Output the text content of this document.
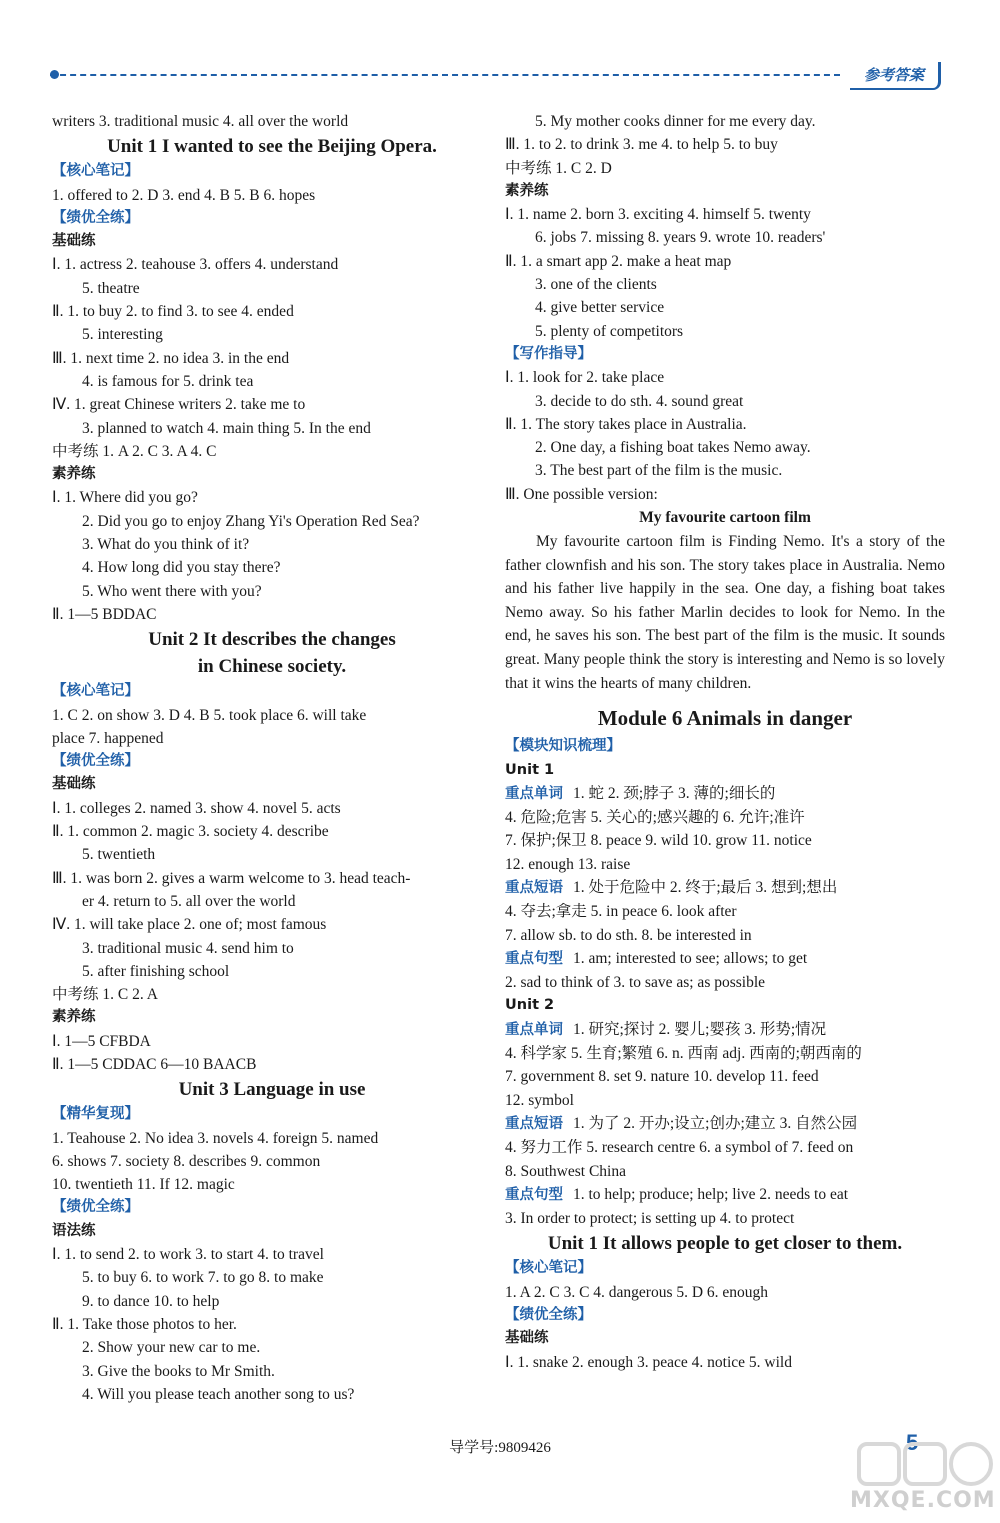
参考答案
writers 3. traditional music 4. all over the world
Unit 1 I wanted to see the Beijing Opera.
【核心笔记】
1. offered to 2. D 3. end 4. B 5. B 6. hopes
【绩优全练】
基础练
Ⅰ. 1. actress 2. teahouse 3. offers 4. understand
5. theatre
Ⅱ. 1. to buy 2. to find 3. to see 4. ended
5. interesting
Ⅲ. 1. next time 2. no idea 3. in the end
4. is famous for 5. drink tea
Ⅳ. 1. great Chinese writers 2. take me to
3. planned to watch 4. main thing 5. In the end
中考练 1. A 2. C 3. A 4. C
素养练
Ⅰ. 1. Where did you go?
2. Did you go to enjoy Zhang Yi's Operation Red Sea?
3. What do you think of it?
4. How long did you stay there?
5. Who went there with you?
Ⅱ. 1—5 BDDAC
Unit 2 It describes the changes
in Chinese society.
【核心笔记】
1. C 2. on show 3. D 4. B 5. took place 6. will take
place 7. happened
【绩优全练】
基础练
Ⅰ. 1. colleges 2. named 3. show 4. novel 5. acts
Ⅱ. 1. common 2. magic 3. society 4. describe
5. twentieth
Ⅲ. 1. was born 2. gives a warm welcome to 3. head teach-
er 4. return to 5. all over the world
Ⅳ. 1. will take place 2. one of; most famous
3. traditional music 4. send him to
5. after finishing school
中考练 1. C 2. A
素养练
Ⅰ. 1—5 CFBDA
Ⅱ. 1—5 CDDAC 6—10 BAACB
Unit 3 Language in use
【精华复现】
1. Teahouse 2. No idea 3. novels 4. foreign 5. named
6. shows 7. society 8. describes 9. common
10. twentieth 11. If 12. magic
【绩优全练】
语法练
Ⅰ. 1. to send 2. to work 3. to start 4. to travel
5. to buy 6. to work 7. to go 8. to make
9. to dance 10. to help
Ⅱ. 1. Take those photos to her.
2. Show your new car to me.
3. Give the books to Mr Smith.
4. Will you please teach another song to us?
5. My mother cooks dinner for me every day.
Ⅲ. 1. to 2. to drink 3. me 4. to help 5. to buy
中考练 1. C 2. D
素养练
Ⅰ. 1. name 2. born 3. exciting 4. himself 5. twenty
6. jobs 7. missing 8. years 9. wrote 10. readers'
Ⅱ. 1. a smart app 2. make a heat map
3. one of the clients
4. give better service
5. plenty of competitors
【写作指导】
Ⅰ. 1. look for 2. take place
3. decide to do sth. 4. sound great
Ⅱ. 1. The story takes place in Australia.
2. One day, a fishing boat takes Nemo away.
3. The best part of the film is the music.
Ⅲ. One possible version:
My favourite cartoon film
My favourite cartoon film is Finding Nemo. It's a story of the father clownfish and his son. The story takes place in Australia. Nemo and his father live happily in the sea. One day, a fishing boat takes Nemo away. So his father Marlin decides to look for Nemo. In the end, he saves his son. The best part of the film is the music. It sounds great. Many people think the story is interesting and Nemo is so lovely that it wins the hearts of many children.
Module 6 Animals in danger
【模块知识梳理】
Unit 1
重点单词 1. 蛇 2. 颈;脖子 3. 薄的;细长的
4. 危险;危害 5. 关心的;感兴趣的 6. 允许;准许
7. 保护;保卫 8. peace 9. wild 10. grow 11. notice
12. enough 13. raise
重点短语 1. 处于危险中 2. 终于;最后 3. 想到;想出
4. 夺去;拿走 5. in peace 6. look after
7. allow sb. to do sth. 8. be interested in
重点句型 1. am; interested to see; allows; to get
2. sad to think of 3. to save as; as possible
Unit 2
重点单词 1. 研究;探讨 2. 婴儿;婴孩 3. 形势;情况
4. 科学家 5. 生育;繁殖 6. n. 西南 adj. 西南的;朝西南的
7. government 8. set 9. nature 10. develop 11. feed
12. symbol
重点短语 1. 为了 2. 开办;设立;创办;建立 3. 自然公园
4. 努力工作 5. research centre 6. a symbol of 7. feed on
8. Southwest China
重点句型 1. to help; produce; help; live 2. needs to eat
3. In order to protect; is setting up 4. to protect
Unit 1 It allows people to get closer to them.
【核心笔记】
1. A 2. C 3. C 4. dangerous 5. D 6. enough
【绩优全练】
基础练
Ⅰ. 1. snake 2. enough 3. peace 4. notice 5. wild
导学号:9809426	5
MXQE.COM
